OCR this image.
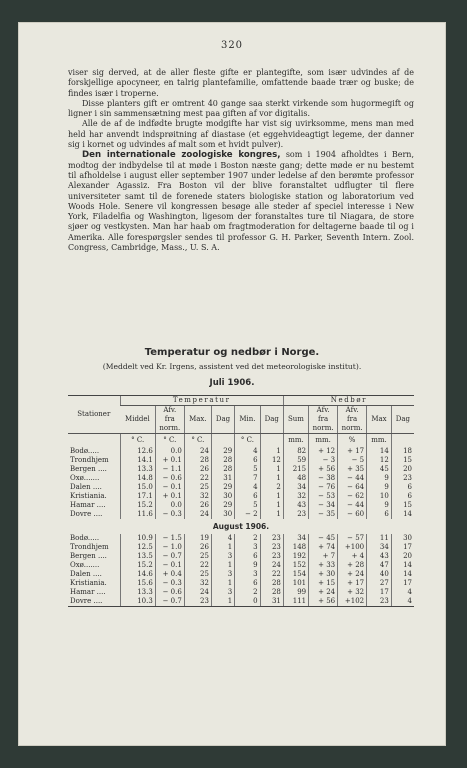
320

viser sig derved, at de aller fleste gifte er plantegifte, som især udvindes af de forskjellige apocyneer, en talrig plantefamilie, omfattende baade trær og buske; de findes især i troperne.

Disse planters gift er omtrent 40 gange saa sterkt virkende som hugormegift og ligner i sin sammensætning mest paa giften af vor digitalis.

Alle de af de indfødte brugte modgifte har vist sig uvirksomme, mens man med held har anvendt indsprøitning af diastase (et eggehvideagtigt legeme, der danner sig i kornet og udvindes af malt som et hvidt pulver).

Den internationale zoologiske kongres, som i 1904 afholdtes i Bern, modtog der indbydelse til at møde i Boston næste gang; dette møde er nu bestemt til afholdelse i august eller september 1907 under ledelse af den berømte professor Alexander Agassiz. Fra Boston vil der blive foranstaltet udflugter til flere universiteter samt til de forenede staters biologiske station og laboratorium ved Woods Hole. Senere vil kongressen besøge alle steder af speciel interesse i New York, Filadelfia og Washington, ligesom der foranstaltes ture til Niagara, de store sjøer og vestkysten. Man har haab om fragtmoderation for deltagerne baade til og i Amerika. Alle forespørgsler sendes til professor G. H. Parker, Seventh Intern. Zool. Congress, Cambridge, Mass., U. S. A.

Temperatur og nedbør i Norge.
(Meddelt ved Kr. Irgens, assistent ved det meteorologiske institut).
Juli 1906.
Stationer	Temperatur						Nedbør				
	Middel	Afv. fra norm.	Max.	Dag	Min.	Dag	Sum	Afv. fra norm.	Afv. fra norm.	Max	Dag
	° C.	° C.	° C.		° C.		mm.	mm.	%	mm.	
Bodø.....	12.6	0.0	24	29	4	1	82	+ 12	+ 17	14	18
Trondhjem	14.1	+ 0.1	28	28	6	12	59	− 3	− 5	12	15
Bergen ....	13.3	− 1.1	26	28	5	1	215	+ 56	+ 35	45	20
Oxø.......	14.8	− 0.6	22	31	7	1	48	− 38	− 44	9	23
Dalen ....	15.0	− 0.1	25	29	4	2	34	− 76	− 64	9	6
Kristiania.	17.1	+ 0.1	32	30	6	1	32	− 53	− 62	10	6
Hamar ....	15.2	0.0	26	29	5	1	43	− 34	− 44	9	15
Dovre ....	11.6	− 0.3	24	30	− 2	1	23	− 35	− 60	6	14
August 1906.											
Bodø.....	10.9	− 1.5	19	4	2	23	34	− 45	− 57	11	30
Trondhjem	12.5	− 1.0	26	1	3	23	148	+ 74	+100	34	17
Bergen ....	13.5	− 0.7	25	3	6	23	192	+ 7	+ 4	43	20
Oxø.......	15.2	− 0.1	22	1	9	24	152	+ 33	+ 28	47	14
Dalen ....	14.6	+ 0.4	25	3	3	22	154	+ 30	+ 24	40	14
Kristiania.	15.6	− 0.3	32	1	6	28	101	+ 15	+ 17	27	17
Hamar ....	13.3	− 0.6	24	3	2	28	99	+ 24	+ 32	17	4
Dovre ....	10.3	− 0.7	23	1	0	31	111	+ 56	+102	23	4
